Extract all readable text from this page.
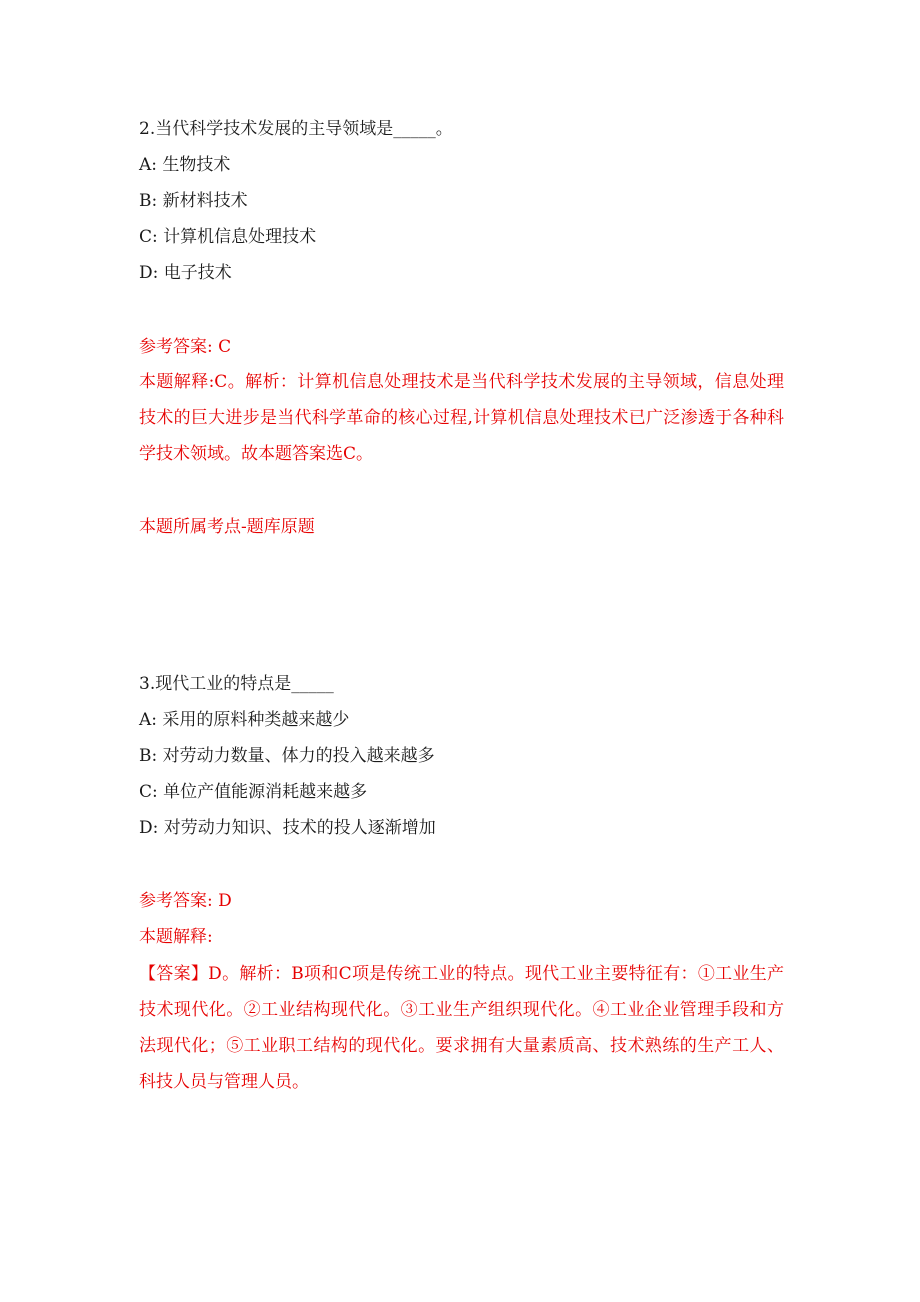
2.当代科学技术发展的主导领域是_____。
A: 生物技术
B: 新材料技术
C: 计算机信息处理技术
D: 电子技术
参考答案: C
本题解释:C。解析：计算机信息处理技术是当代科学技术发展的主导领域，信息处理技术的巨大进步是当代科学革命的核心过程,计算机信息处理技术已广泛渗透于各种科学技术领域。故本题答案选C。
本题所属考点-题库原题
3.现代工业的特点是_____
A: 采用的原料种类越来越少
B: 对劳动力数量、体力的投入越来越多
C: 单位产值能源消耗越来越多
D: 对劳动力知识、技术的投人逐渐增加
参考答案: D
本题解释:
【答案】D。解析：B项和C项是传统工业的特点。现代工业主要特征有：①工业生产技术现代化。②工业结构现代化。③工业生产组织现代化。④工业企业管理手段和方法现代化；⑤工业职工结构的现代化。要求拥有大量素质高、技术熟练的生产工人、科技人员与管理人员。
